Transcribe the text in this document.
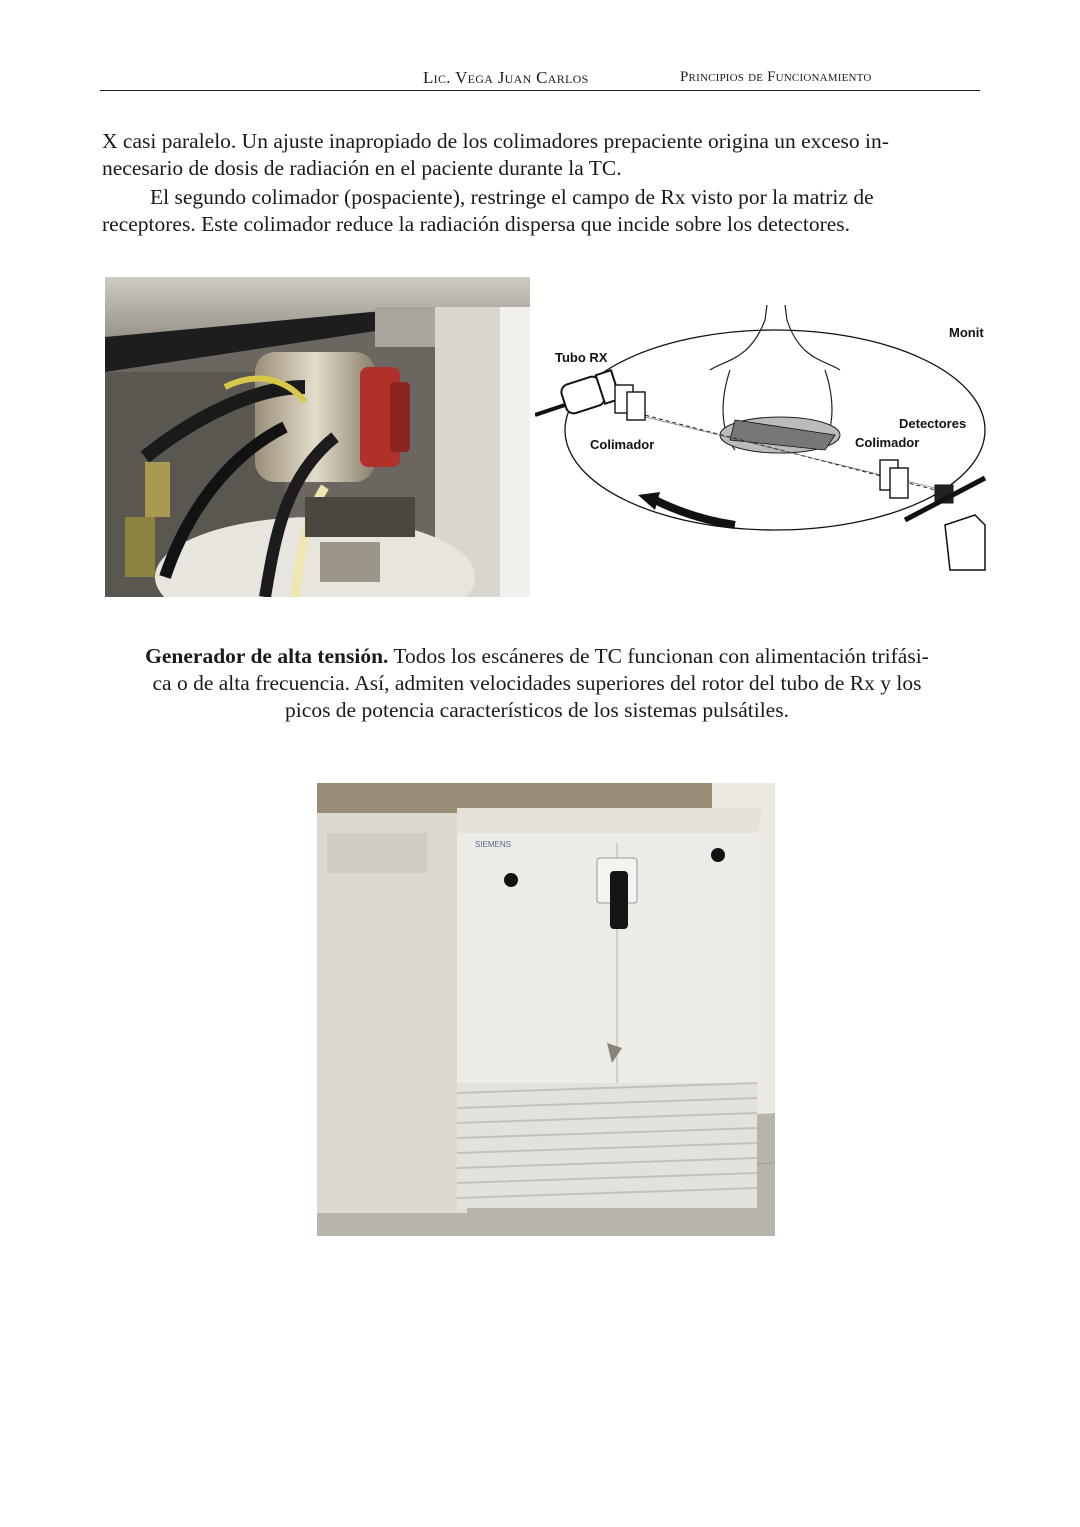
Lic. Vega Juan Carlos	Principios de Funcionamiento
X casi paralelo. Un ajuste inapropiado de los colimadores prepaciente origina un exceso in-
necesario de dosis de radiación en el paciente durante la TC.
El segundo colimador (pospaciente), restringe el campo de Rx visto por la matriz de
receptores. Este colimador reduce la radiación dispersa que incide sobre los detectores.
Tubo RX
Colimador	Colimador
Detectores
Monit
Generador de alta tensión. Todos los escáneres de TC funcionan con alimentación trifási-
ca o de alta frecuencia. Así, admiten velocidades superiores del rotor del tubo de Rx y los
picos de potencia característicos de los sistemas pulsátiles.
SIEMENS
